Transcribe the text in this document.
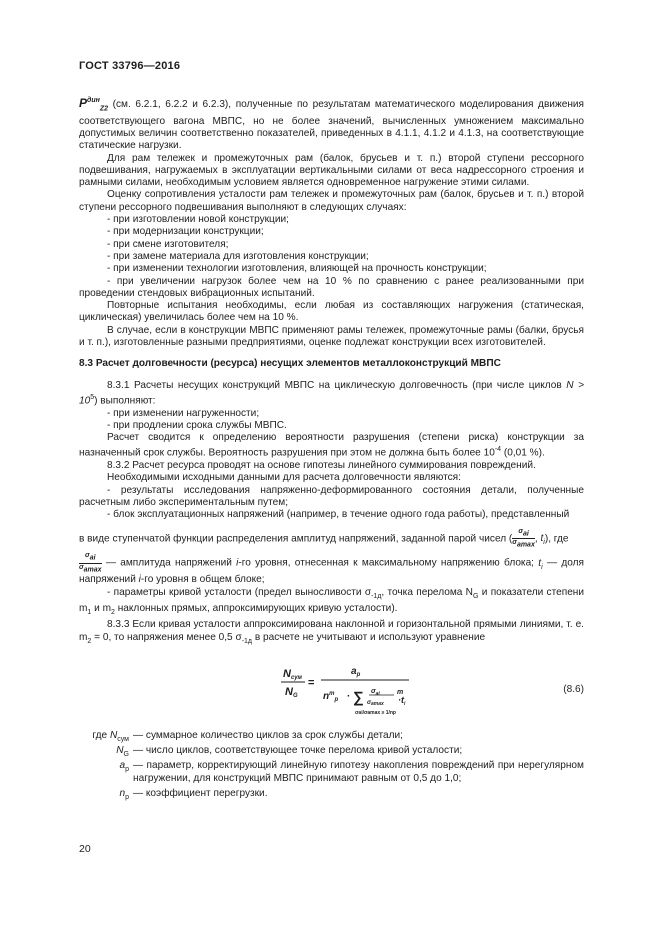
ГОСТ 33796—2016

$P^{дин}_{Z2}$ (см. 6.2.1, 6.2.2 и 6.2.3), полученные по результатам математического моделирования движения соответствующего вагона МВПС, но не более значений, вычисленных умножением максимально допустимых величин соответственно показателей, приведенных в 4.1.1, 4.1.2 и 4.1.3, на соответствующие статические нагрузки.

Для рам тележек и промежуточных рам (балок, брусьев и т. п.) второй ступени рессорного подвешивания, нагружаемых в эксплуатации вертикальными силами от веса надрессорного строения и рамными силами, необходимым условием является одновременное нагружение этими силами.

Оценку сопротивления усталости рам тележек и промежуточных рам (балок, брусьев и т. п.) второй ступени рессорного подвешивания выполняют в следующих случаях:

- при изготовлении новой конструкции;

- при модернизации конструкции;

- при смене изготовителя;

- при замене материала для изготовления конструкции;

- при изменении технологии изготовления, влияющей на прочность конструкции;

- при увеличении нагрузок более чем на 10 % по сравнению с ранее реализованными при проведении стендовых вибрационных испытаний.

Повторные испытания необходимы, если любая из составляющих нагружения (статическая, циклическая) увеличилась более чем на 10 %.

В случае, если в конструкции МВПС применяют рамы тележек, промежуточные рамы (балки, брусья и т. п.), изготовленные разными предприятиями, оценке подлежат конструкции всех изготовителей.

8.3 Расчет долговечности (ресурса) несущих элементов металлоконструкций МВПС

8.3.1 Расчеты несущих конструкций МВПС на циклическую долговечность (при числе циклов $N > 10^5$) выполняют:

- при изменении нагруженности;

- при продлении срока службы МВПС.

Расчет сводится к определению вероятности разрушения (степени риска) конструкции за назначенный срок службы. Вероятность разрушения при этом не должна быть более $10^{-4}$ (0,01 %).

8.3.2 Расчет ресурса проводят на основе гипотезы линейного суммирования повреждений.

Необходимыми исходными данными для расчета долговечности являются:

- результаты исследования напряженно-деформированного состояния детали, полученные расчетным либо экспериментальным путем;

- блок эксплуатационных напряжений (например, в течение одного года работы), представленный

в виде ступенчатой функции распределения амплитуд напряжений, заданной парой чисел ( $\frac{\sigma_{ai}}{\sigma_{amax}}$ , $t_i$), где

$\frac{\sigma_{ai}}{\sigma_{amax}}$ — амплитуда напряжений i-го уровня, отнесенная к максимальному напряжению блока; $t_i$ — доля напряжений i-го уровня в общем блоке;

- параметры кривой усталости (предел выносливости $\sigma_{-1д}$, точка перелома $N_G$ и показатели степени $m_1$ и $m_2$ наклонных прямых, аппроксимирующих кривую усталости).

8.3.3 Если кривая усталости аппроксимирована наклонной и горизонтальной прямыми линиями, т. е. $m_2 = 0$, то напряжения менее 0,5 $\sigma_{-1д}$ в расчете не учитывают и используют уравнение

Nсум
NG
=
$a_p$
$n^m_p$ · ∑ $\sigma_{ai}$
σamax
m
$\cdot t_i$
σai/σamax ≥ 1/np
(8.6)
где $N_{сум}$ — суммарное количество циклов за срок службы детали;
$N_G$ — число циклов, соответствующее точке перелома кривой усталости;
$a_p$ — параметр, корректирующий линейную гипотезу накопления повреждений при нерегулярном нагружении, для конструкций МВПС принимают равным от 0,5 до 1,0;
$n_p$ — коэффициент перегрузки.
20
